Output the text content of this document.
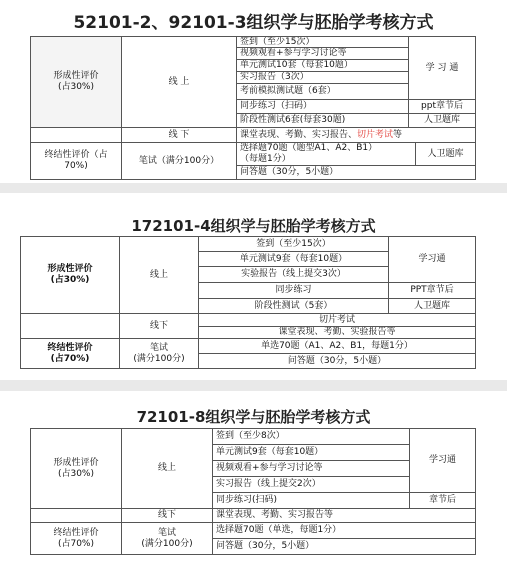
52101-2、92101-3组织学与胚胎学考核方式
形成性评价
(占30%)
线 上
签到（至少15次）
视频观看+参与学习讨论等
单元测试10套（每套10题）
实习报告（3次）
考前模拟测试题（6套）
同步练习（扫码）
阶段性测试6套(每套30题)
学 习 通
ppt章节后
人卫题库
线 下	课堂表现、考勤、实习报告、 切片考试 等
终结性评价（占
70%)
笔试（满分100分）
选择题70题（题型A1、A2、B1）
（每题1分）
人卫题库
问答题（30分，5小题）
172101-4组织学与胚胎学考核方式
形成性评价
(占30%)
线上
签到（至少15次）
单元测试9套（每套10题）
实验报告（线上提交3次）
同步练习
阶段性测试（5套）
学习通
PPT章节后
人卫题库
线下
切片考试
课堂表现、考勤、实验报告等
终结性评价
(占70%)
笔试
(满分100分)
单选70题（A1、A2、B1，每题1分）
问答题（30分，5小题）
72101-8组织学与胚胎学考核方式
形成性评价
(占30%)
线上
签到（至少8次）
单元测试9套（每套10题）
视频观看+参与学习讨论等
实习报告（线上提交2次）
同步练习(扫码)
学习通
章节后
线下	课堂表现、考勤、实习报告等
终结性评价
(占70%)
笔试
(满分100分)
选择题70题（单选，每题1分）
问答题（30分，5小题）
